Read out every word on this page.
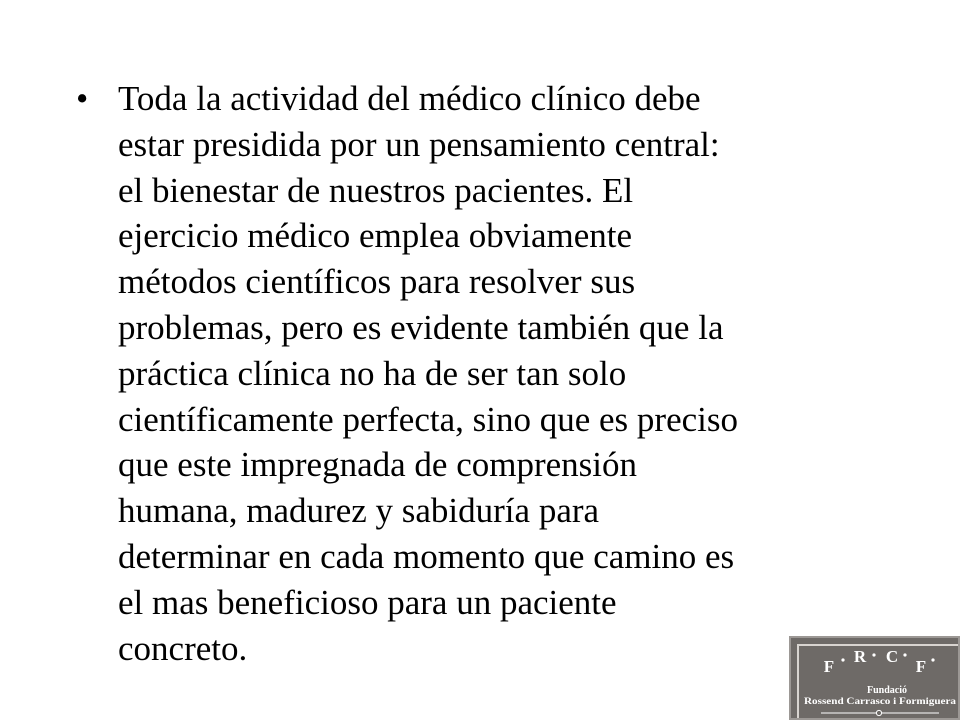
• Toda la actividad del médico clínico debe
estar presidida por un pensamiento central:
el bienestar de nuestros pacientes. El
ejercicio médico emplea obviamente
métodos científicos para resolver sus
problemas, pero es evidente también que la
práctica clínica no ha de ser tan solo
científicamente perfecta, sino que es preciso
que este impregnada de comprensión
humana, madurez y sabiduría para
determinar en cada momento que camino es
el mas beneficioso para un paciente
concreto.	F
R C
F
Fundació
Rossend Carrasco i Formiguera
